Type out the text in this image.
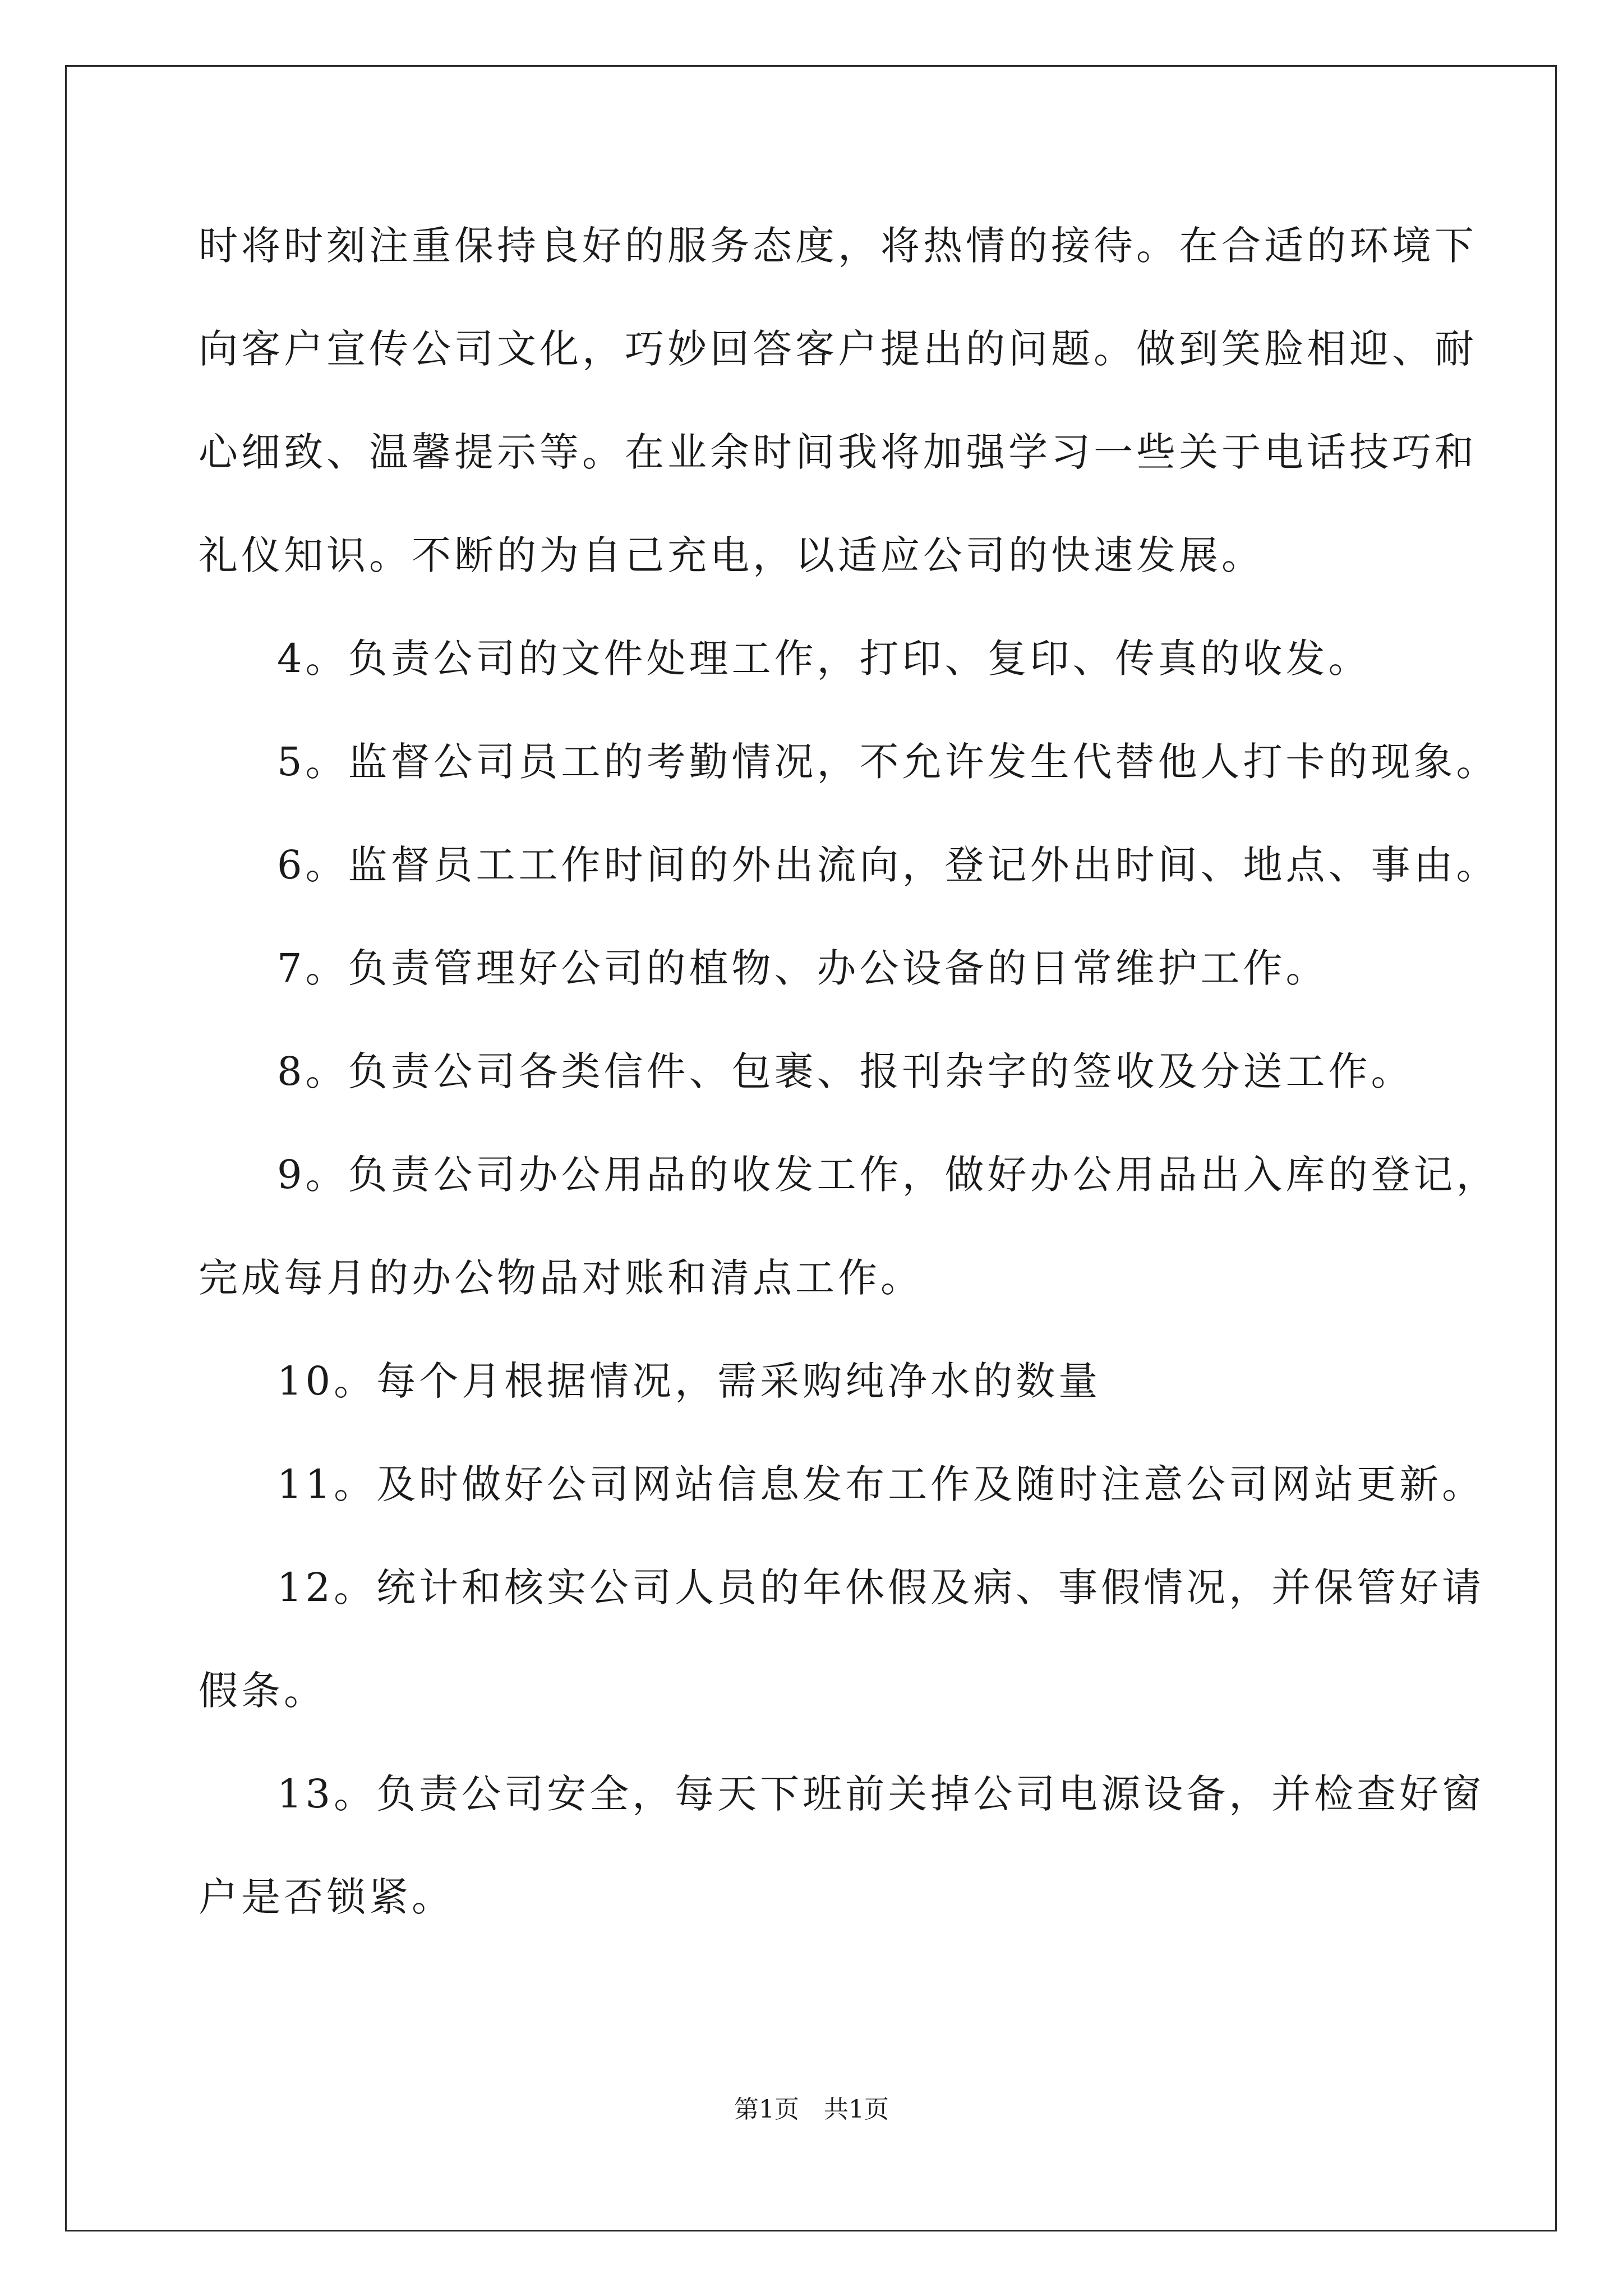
时将时刻注重保持良好的服务态度，将热情的接待。在合适的环境下
向客户宣传公司文化，巧妙回答客户提出的问题。做到笑脸相迎、耐
心细致、温馨提示等。在业余时间我将加强学习一些关于电话技巧和
礼仪知识。不断的为自己充电，以适应公司的快速发展。
4。负责公司的文件处理工作，打印、复印、传真的收发。
5。监督公司员工的考勤情况，不允许发生代替他人打卡的现象。
6。监督员工工作时间的外出流向，登记外出时间、地点、事由。
7。负责管理好公司的植物、办公设备的日常维护工作。
8。负责公司各类信件、包裹、报刊杂字的签收及分送工作。
9。负责公司办公用品的收发工作，做好办公用品出入库的登记，
完成每月的办公物品对账和清点工作。
10。每个月根据情况，需采购纯净水的数量
11。及时做好公司网站信息发布工作及随时注意公司网站更新。
12。统计和核实公司人员的年休假及病、事假情况，并保管好请
假条。
13。负责公司安全，每天下班前关掉公司电源设备，并检查好窗
户是否锁紧。
第1页　共1页
